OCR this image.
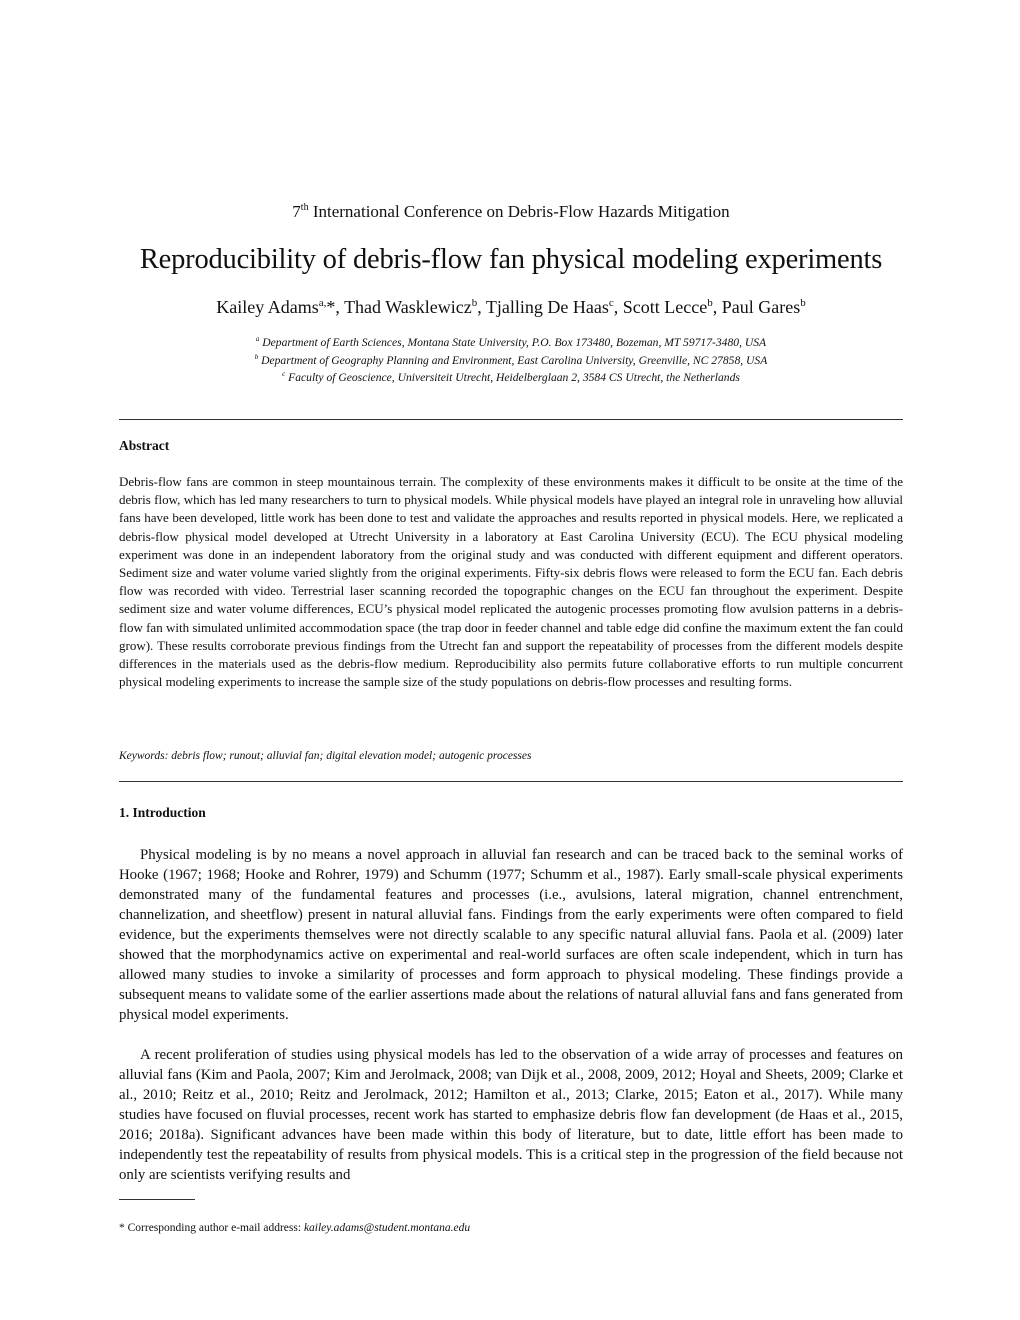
7th International Conference on Debris-Flow Hazards Mitigation
Reproducibility of debris-flow fan physical modeling experiments
Kailey Adams$^{a,}$*, Thad Wasklewicz$^b$, Tjalling De Haas$^c$, Scott Lecce$^b$, Paul Gares$^b$
$^a$ Department of Earth Sciences, Montana State University, P.O. Box 173480, Bozeman, MT 59717-3480, USA
$^b$ Department of Geography Planning and Environment, East Carolina University, Greenville, NC 27858, USA
$^c$ Faculty of Geoscience, Universiteit Utrecht, Heidelberglaan 2, 3584 CS Utrecht, the Netherlands
Abstract

Debris-flow fans are common in steep mountainous terrain. The complexity of these environments makes it difficult to be onsite at the time of the debris flow, which has led many researchers to turn to physical models. While physical models have played an integral role in unraveling how alluvial fans have been developed, little work has been done to test and validate the approaches and results reported in physical models. Here, we replicated a debris-flow physical model developed at Utrecht University in a laboratory at East Carolina University (ECU). The ECU physical modeling experiment was done in an independent laboratory from the original study and was conducted with different equipment and different operators. Sediment size and water volume varied slightly from the original experiments. Fifty-six debris flows were released to form the ECU fan. Each debris flow was recorded with video. Terrestrial laser scanning recorded the topographic changes on the ECU fan throughout the experiment. Despite sediment size and water volume differences, ECU’s physical model replicated the autogenic processes promoting flow avulsion patterns in a debris-flow fan with simulated unlimited accommodation space (the trap door in feeder channel and table edge did confine the maximum extent the fan could grow). These results corroborate previous findings from the Utrecht fan and support the repeatability of processes from the different models despite differences in the materials used as the debris-flow medium. Reproducibility also permits future collaborative efforts to run multiple concurrent physical modeling experiments to increase the sample size of the study populations on debris-flow processes and resulting forms.

Keywords: debris flow; runout; alluvial fan; digital elevation model; autogenic processes
1. Introduction

Physical modeling is by no means a novel approach in alluvial fan research and can be traced back to the seminal works of Hooke (1967; 1968; Hooke and Rohrer, 1979) and Schumm (1977; Schumm et al., 1987). Early small-scale physical experiments demonstrated many of the fundamental features and processes (i.e., avulsions, lateral migration, channel entrenchment, channelization, and sheetflow) present in natural alluvial fans. Findings from the early experiments were often compared to field evidence, but the experiments themselves were not directly scalable to any specific natural alluvial fans. Paola et al. (2009) later showed that the morphodynamics active on experimental and real-world surfaces are often scale independent, which in turn has allowed many studies to invoke a similarity of processes and form approach to physical modeling. These findings provide a subsequent means to validate some of the earlier assertions made about the relations of natural alluvial fans and fans generated from physical model experiments.

A recent proliferation of studies using physical models has led to the observation of a wide array of processes and features on alluvial fans (Kim and Paola, 2007; Kim and Jerolmack, 2008; van Dijk et al., 2008, 2009, 2012; Hoyal and Sheets, 2009; Clarke et al., 2010; Reitz et al., 2010; Reitz and Jerolmack, 2012; Hamilton et al., 2013; Clarke, 2015; Eaton et al., 2017). While many studies have focused on fluvial processes, recent work has started to emphasize debris flow fan development (de Haas et al., 2015, 2016; 2018a). Significant advances have been made within this body of literature, but to date, little effort has been made to independently test the repeatability of results from physical models. This is a critical step in the progression of the field because not only are scientists verifying results and

* Corresponding author e-mail address: kailey.adams@student.montana.edu
